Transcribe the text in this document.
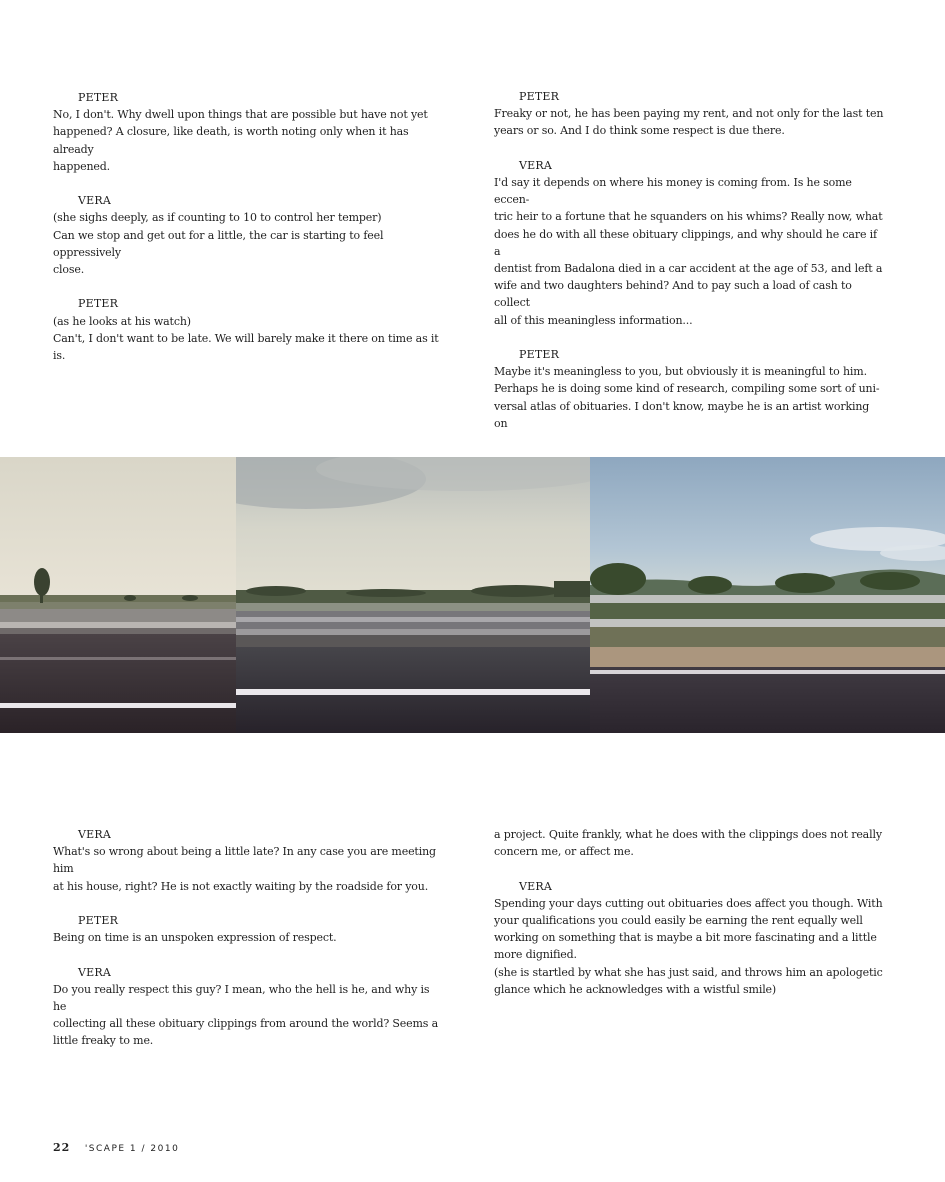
PETER
No, I don't. Why dwell upon things that are possible but have not yet
happened? A closure, like death, is worth noting only when it has already
happened.
VERA
(she sighs deeply, as if counting to 10 to control her temper)
Can we stop and get out for a little, the car is starting to feel oppressively
close.
PETER
(as he looks at his watch)
Can't, I don't want to be late. We will barely make it there on time as it is.
PETER
Freaky or not, he has been paying my rent, and not only for the last ten
years or so. And I do think some respect is due there.
VERA
I'd say it depends on where his money is coming from. Is he some eccen-
tric heir to a fortune that he squanders on his whims? Really now, what
does he do with all these obituary clippings, and why should he care if a
dentist from Badalona died in a car accident at the age of 53, and left a
wife and two daughters behind? And to pay such a load of cash to collect
all of this meaningless information...
PETER
Maybe it's meaningless to you, but obviously it is meaningful to him.
Perhaps he is doing some kind of research, compiling some sort of uni-
versal atlas of obituaries. I don't know, maybe he is an artist working on
VERA
What's so wrong about being a little late? In any case you are meeting him
at his house, right? He is not exactly waiting by the roadside for you.
PETER
Being on time is an unspoken expression of respect.
VERA
Do you really respect this guy? I mean, who the hell is he, and why is he
collecting all these obituary clippings from around the world? Seems a
little freaky to me.
a project. Quite frankly, what he does with the clippings does not really
concern me, or affect me.
VERA
Spending your days cutting out obituaries does affect you though. With
your qualifications you could easily be earning the rent equally well
working on something that is maybe a bit more fascinating and a little
more dignified.
(she is startled by what she has just said, and throws him an apologetic
glance which he acknowledges with a wistful smile)
22 'SCAPE 1 / 2010
